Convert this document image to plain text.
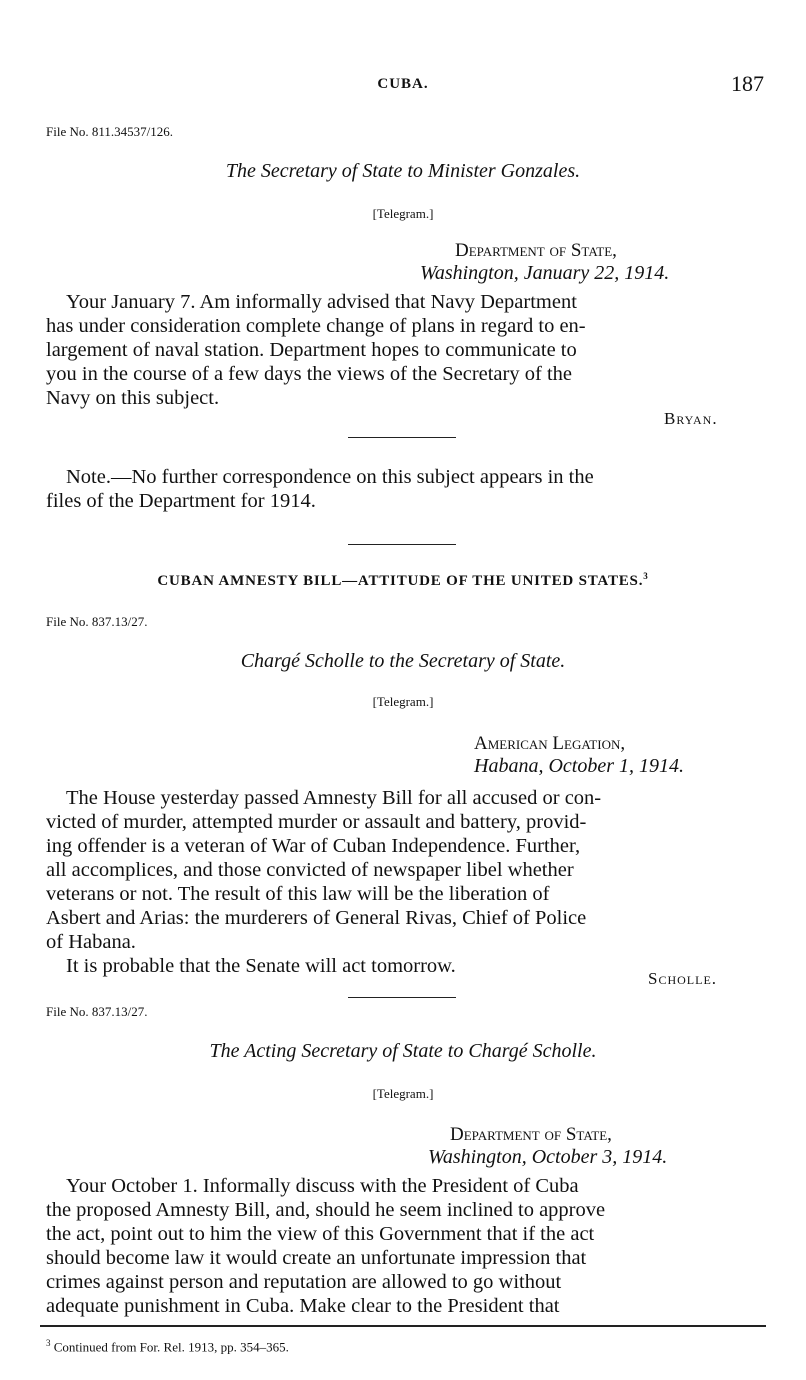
CUBA.	187
File No. 811.34537/126.
The Secretary of State to Minister Gonzales.
[Telegram.]
Department of State,
Washington, January 22, 1914.
Your January 7. Am informally advised that Navy Department
has under consideration complete change of plans in regard to en-
largement of naval station. Department hopes to communicate to
you in the course of a few days the views of the Secretary of the
Navy on this subject.
Bryan.
Note.—No further correspondence on this subject appears in the
files of the Department for 1914.
CUBAN AMNESTY BILL—ATTITUDE OF THE UNITED STATES.$^3$
File No. 837.13/27.
Chargé Scholle to the Secretary of State.
[Telegram.]
American Legation,
Habana, October 1, 1914.
The House yesterday passed Amnesty Bill for all accused or con-
victed of murder, attempted murder or assault and battery, provid-
ing offender is a veteran of War of Cuban Independence. Further,
all accomplices, and those convicted of newspaper libel whether
veterans or not. The result of this law will be the liberation of
Asbert and Arias: the murderers of General Rivas, Chief of Police
of Habana.
It is probable that the Senate will act tomorrow.
Scholle.
File No. 837.13/27.
The Acting Secretary of State to Chargé Scholle.
[Telegram.]
Department of State,
Washington, October 3, 1914.
Your October 1. Informally discuss with the President of Cuba
the proposed Amnesty Bill, and, should he seem inclined to approve
the act, point out to him the view of this Government that if the act
should become law it would create an unfortunate impression that
crimes against person and reputation are allowed to go without
adequate punishment in Cuba. Make clear to the President that
$^3$ Continued from For. Rel. 1913, pp. 354–365.
